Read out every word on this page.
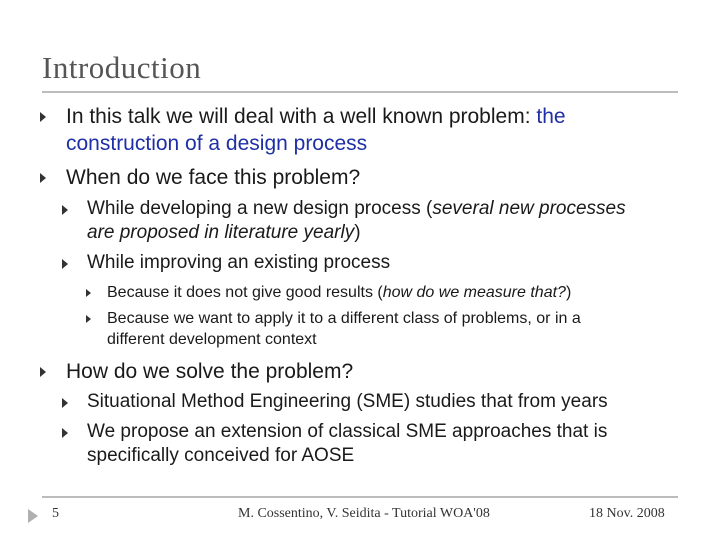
Introduction
In this talk we will deal with a well known problem: the
construction of a design process
When do we face this problem?
While developing a new design process (several new processes
are proposed in literature yearly)
While improving an existing process
Because it does not give good results (how do we measure that?)
Because we want to apply it to a different class of problems, or in a
different development context
How do we solve the problem?
Situational Method Engineering (SME) studies that from years
We propose an extension of classical SME approaches that is
specifically conceived for AOSE
5	M. Cossentino, V. Seidita - Tutorial WOA'08	18 Nov. 2008
